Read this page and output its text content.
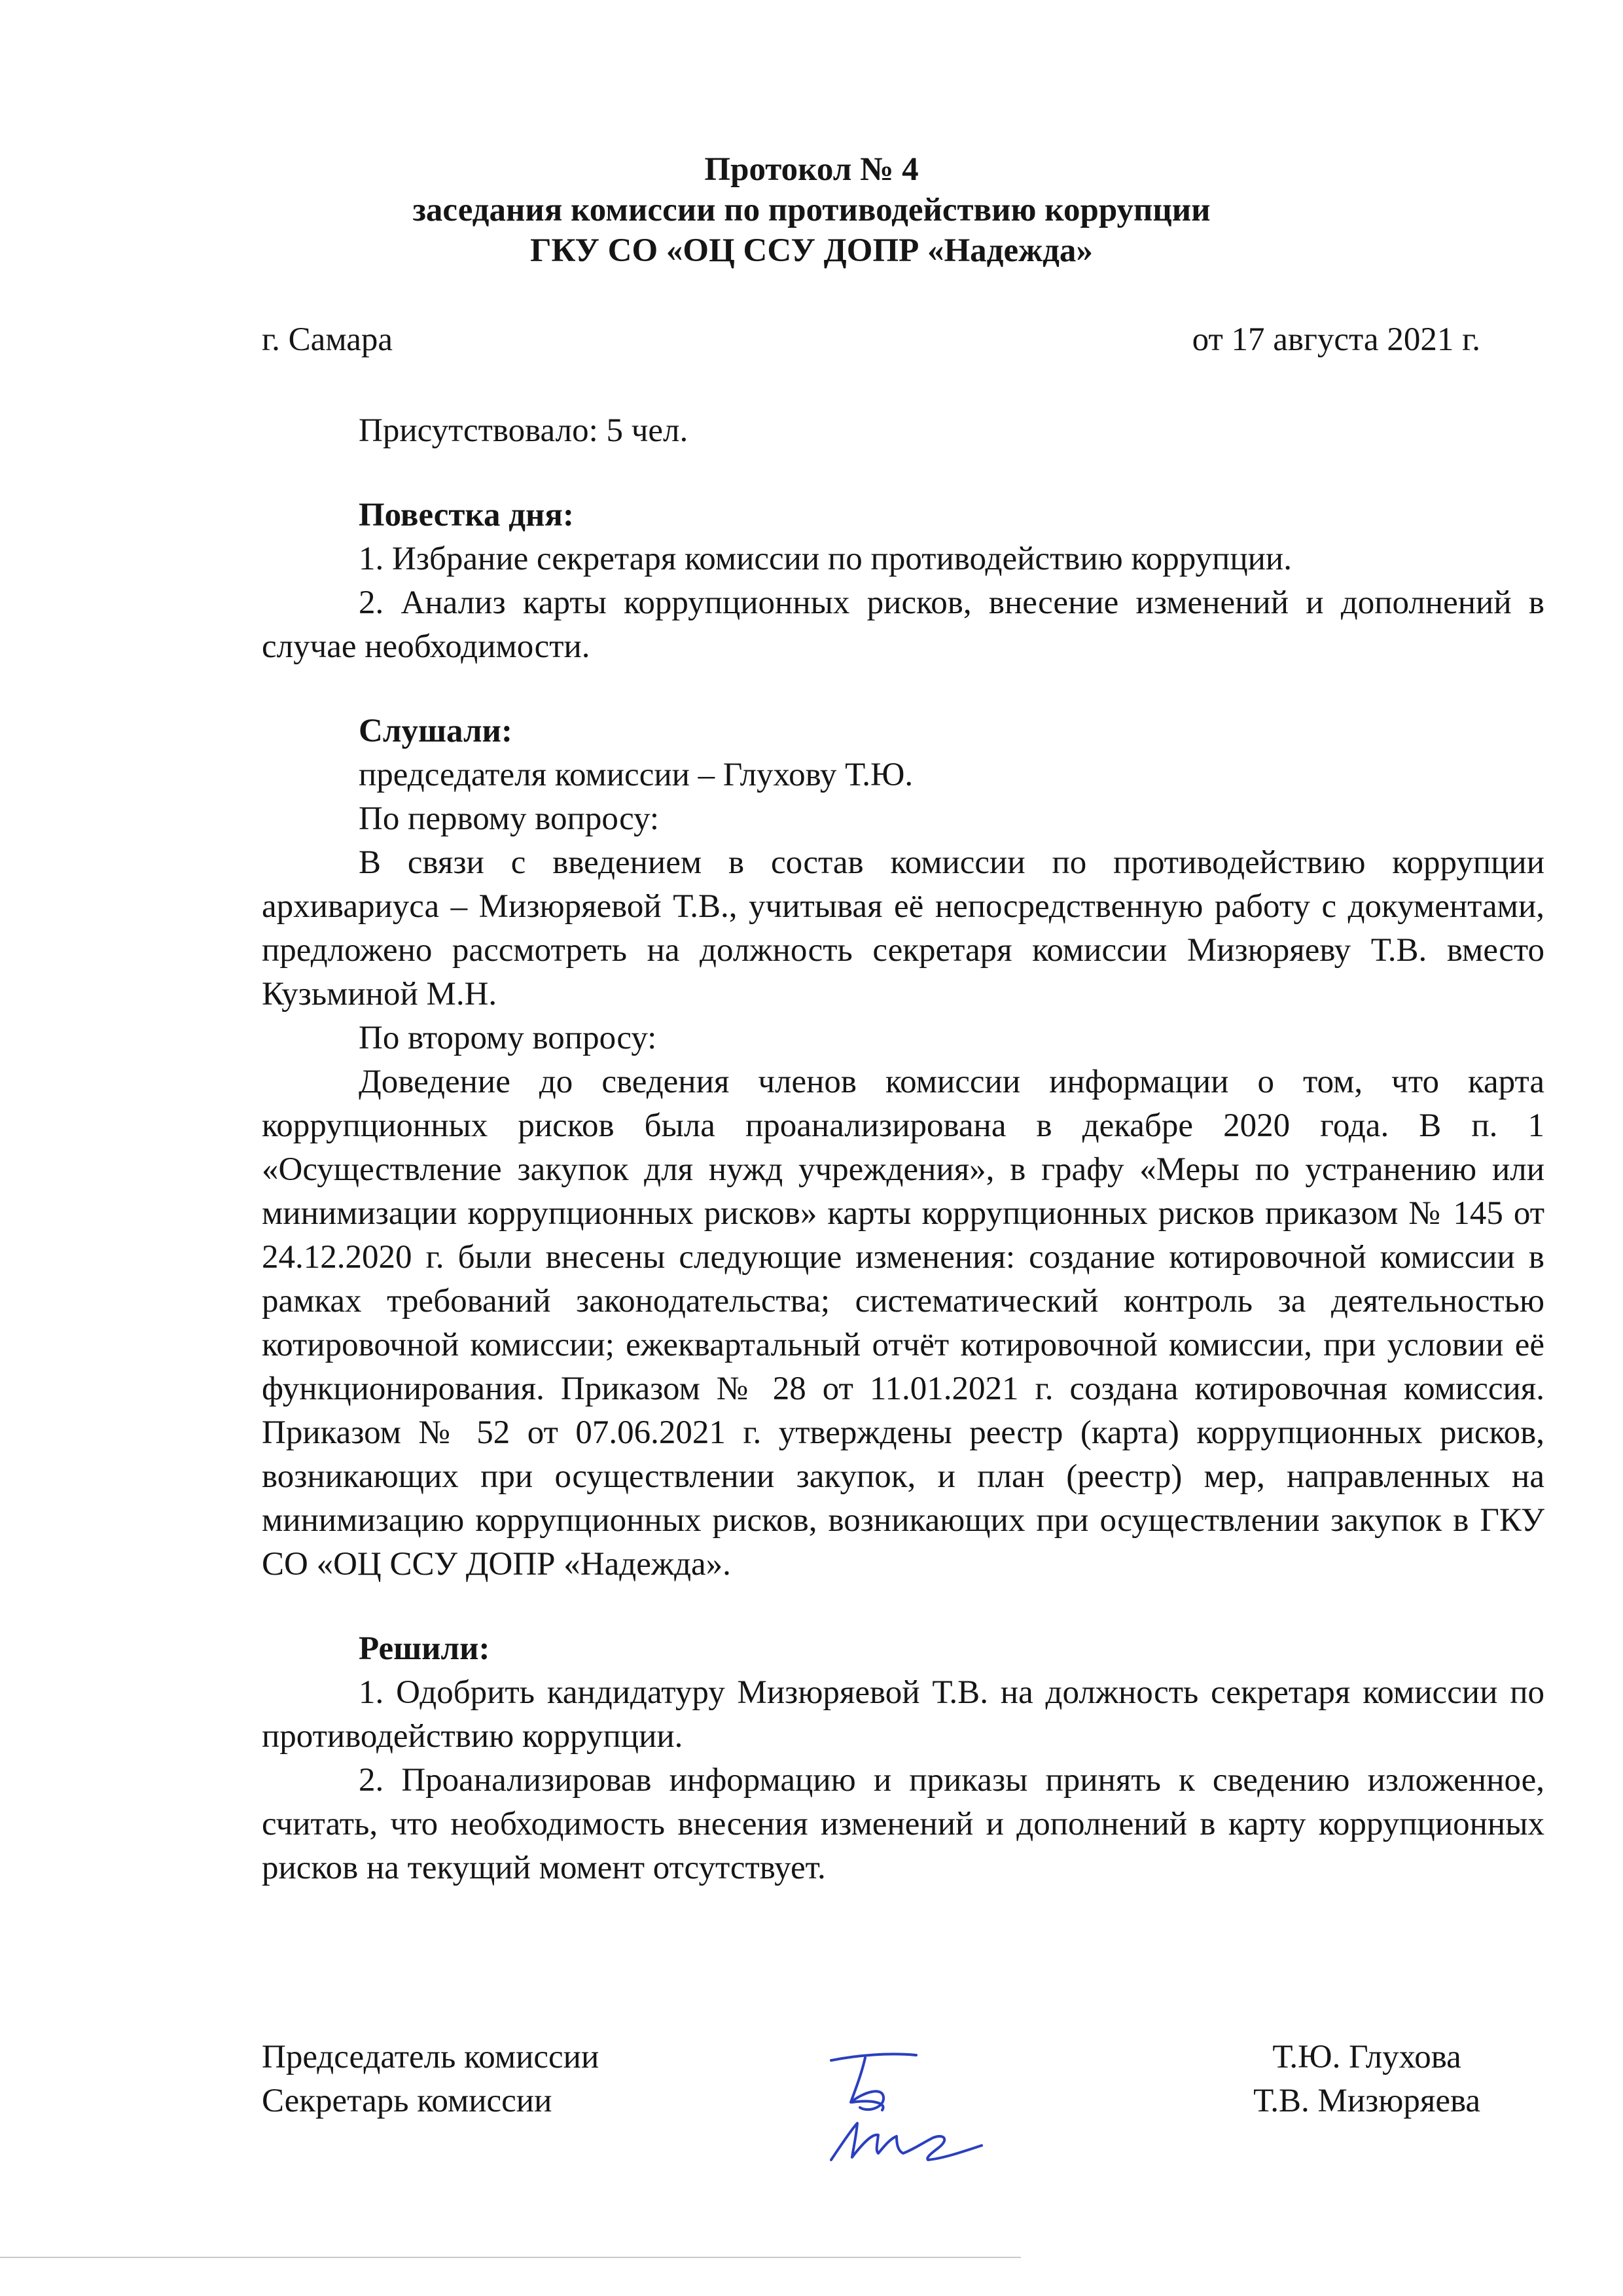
Протокол № 4
заседания комиссии по противодействию коррупции
ГКУ СО «ОЦ ССУ ДОПР «Надежда»
г. Самара	от 17 августа 2021 г.

Присутствовало: 5 чел.

Повестка дня:

1. Избрание секретаря комиссии по противодействию коррупции.

2. Анализ карты коррупционных рисков, внесение изменений и дополнений в случае необходимости.

Слушали:

председателя комиссии – Глухову Т.Ю.

По первому вопросу:

В связи с введением в состав комиссии по противодействию коррупции архивариуса – Мизюряевой Т.В., учитывая её непосредственную работу с документами, предложено рассмотреть на должность секретаря комиссии Мизюряеву Т.В. вместо Кузьминой М.Н.

По второму вопросу:

Доведение до сведения членов комиссии информации о том, что карта коррупционных рисков была проанализирована в декабре 2020 года. В п. 1 «Осуществление закупок для нужд учреждения», в графу «Меры по устранению или минимизации коррупционных рисков» карты коррупционных рисков приказом № 145 от 24.12.2020 г. были внесены следующие изменения: создание котировочной комиссии в рамках требований законодательства; систематический контроль за деятельностью котировочной комиссии; ежеквартальный отчёт котировочной комиссии, при условии её функционирования. Приказом № 28 от 11.01.2021 г. создана котировочная комиссия. Приказом № 52 от 07.06.2021 г. утверждены реестр (карта) коррупционных рисков, возникающих при осуществлении закупок, и план (реестр) мер, направленных на минимизацию коррупционных рисков, возникающих при осуществлении закупок в ГКУ СО «ОЦ ССУ ДОПР «Надежда».

Решили:

1. Одобрить кандидатуру Мизюряевой Т.В. на должность секретаря комиссии по противодействию коррупции.

2. Проанализировав информацию и приказы принять к сведению изложенное, считать, что необходимость внесения изменений и дополнений в карту коррупционных рисков на текущий момент отсутствует.

Председатель комиссии
Секретарь комиссии
Т.Ю. Глухова
Т.В. Мизюряева
